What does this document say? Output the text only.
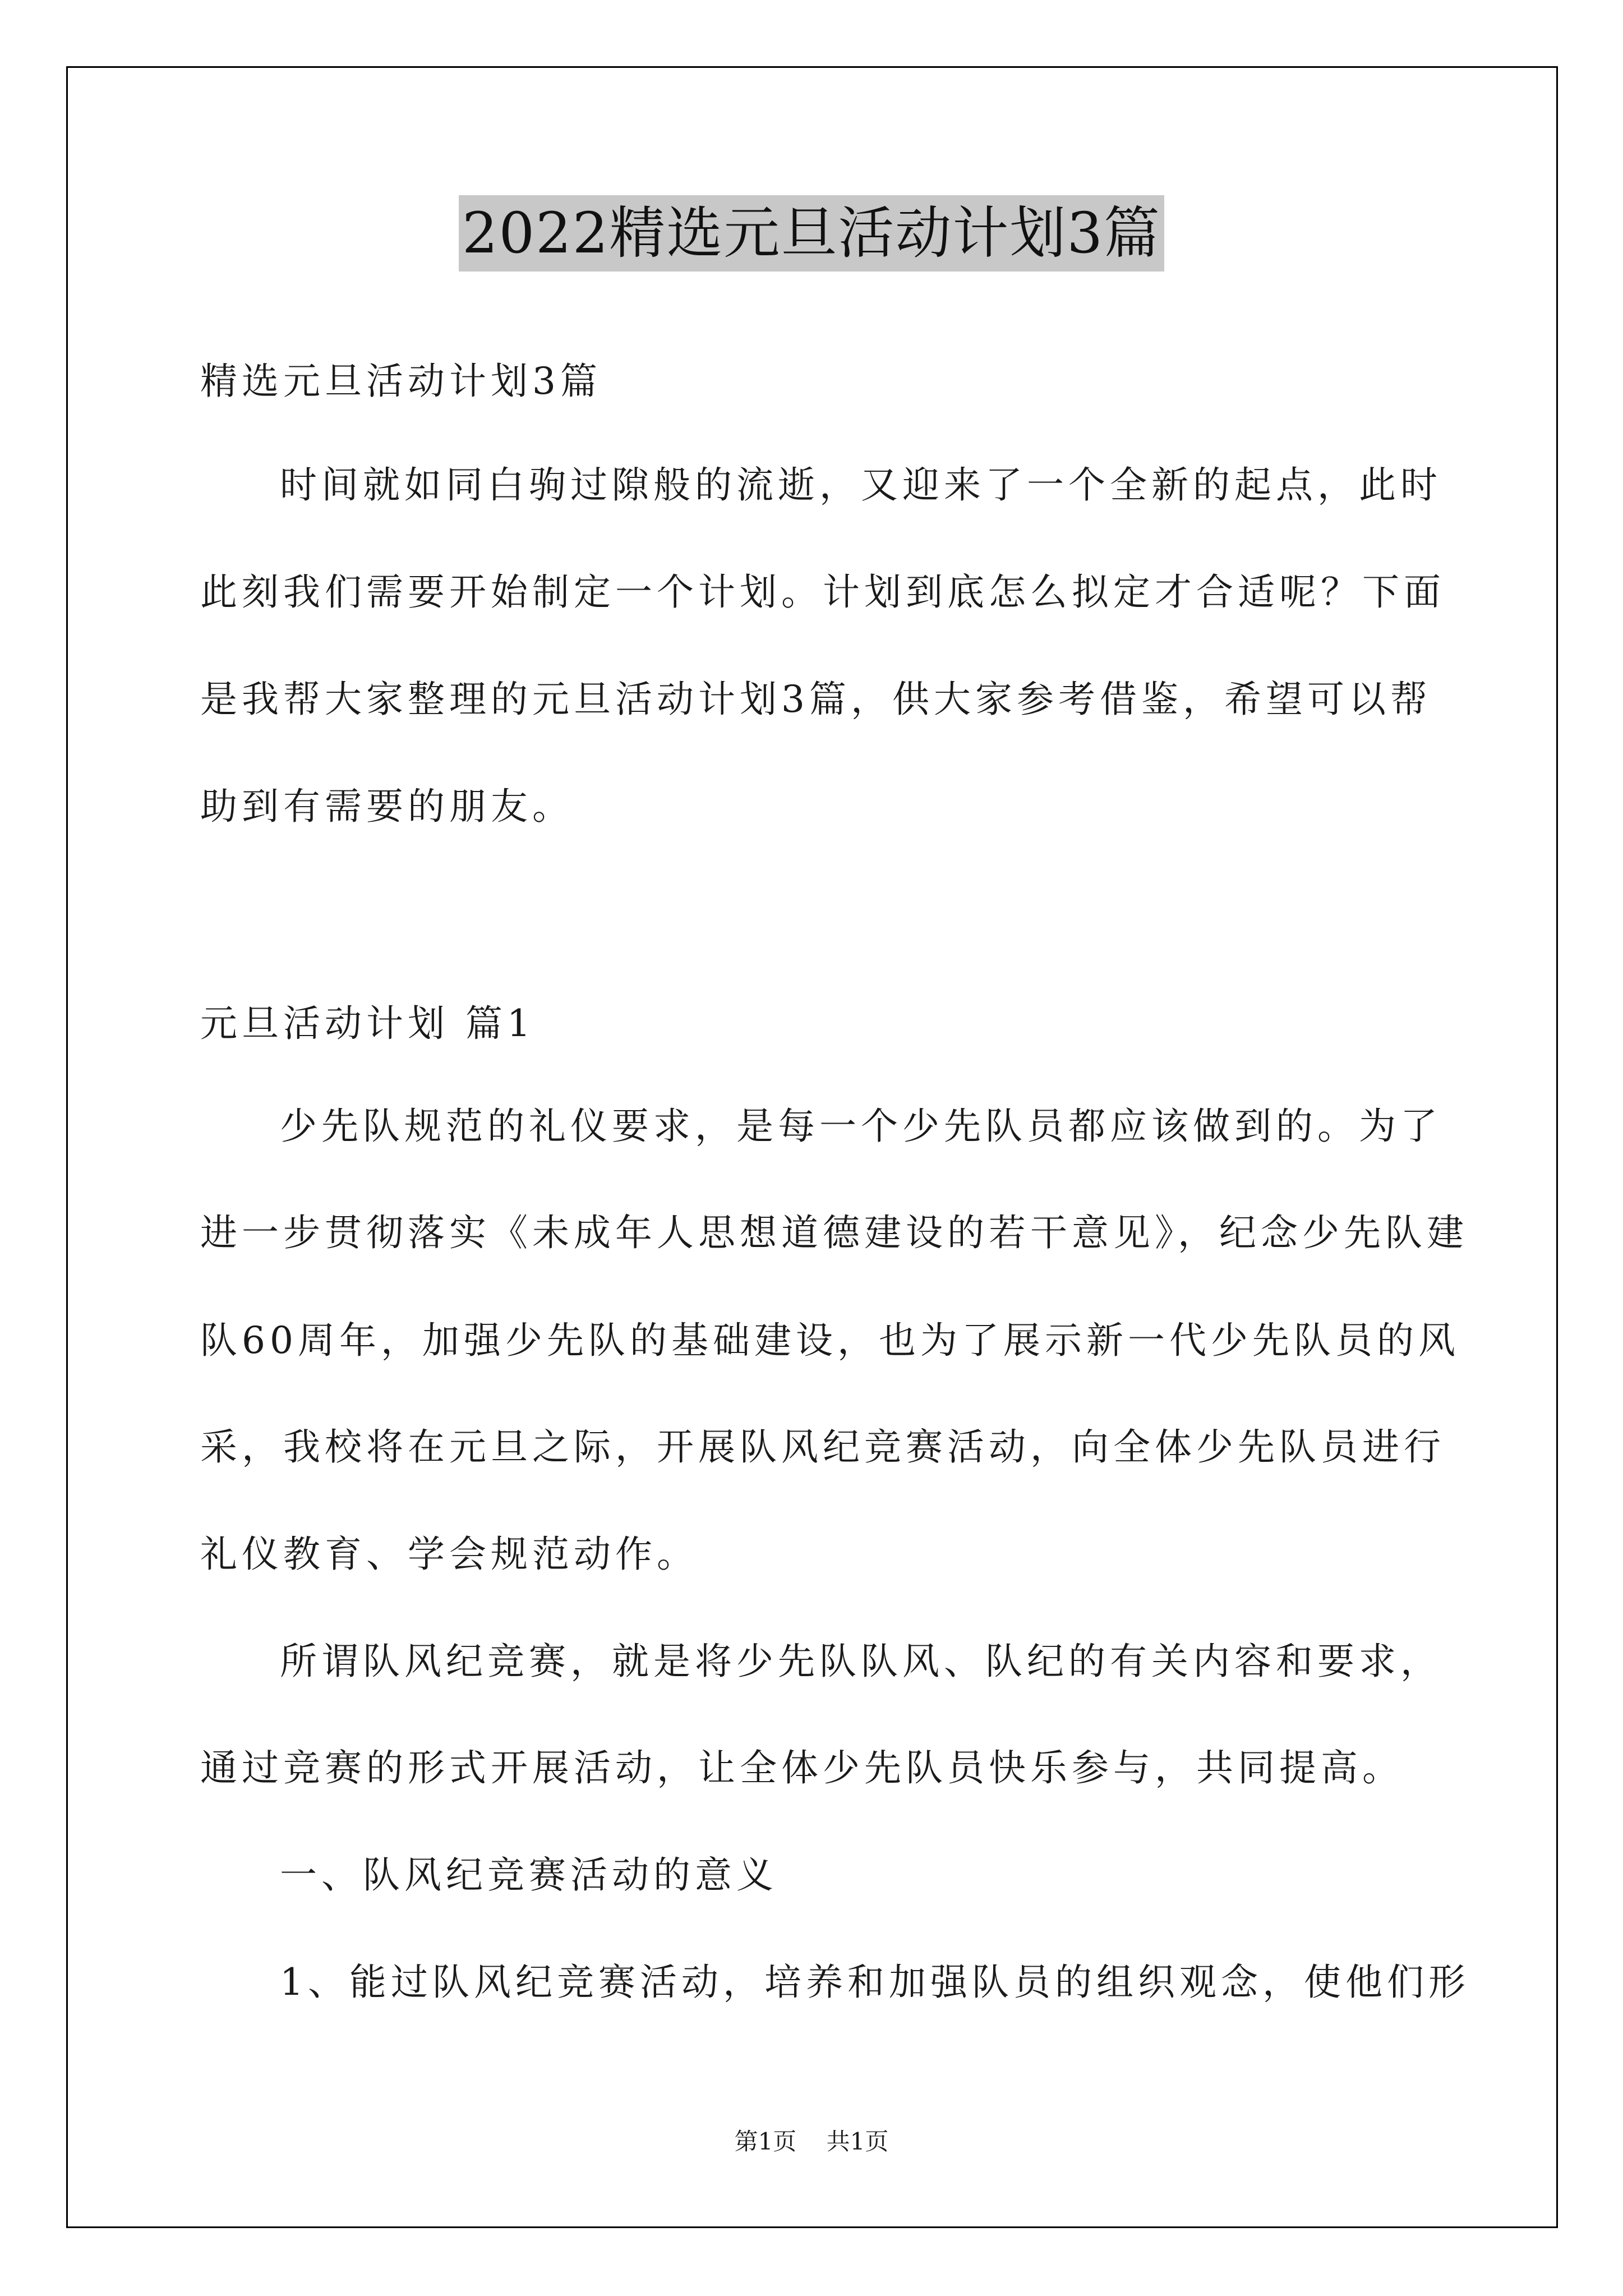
2022精选元旦活动计划3篇
精选元旦活动计划3篇
时间就如同白驹过隙般的流逝，又迎来了一个全新的起点，此时
此刻我们需要开始制定一个计划。计划到底怎么拟定才合适呢？下面
是我帮大家整理的元旦活动计划3篇，供大家参考借鉴，希望可以帮
助到有需要的朋友。
元旦活动计划 篇1
少先队规范的礼仪要求，是每一个少先队员都应该做到的。为了
进一步贯彻落实《未成年人思想道德建设的若干意见》，纪念少先队建
队60周年，加强少先队的基础建设，也为了展示新一代少先队员的风
采，我校将在元旦之际，开展队风纪竞赛活动，向全体少先队员进行
礼仪教育、学会规范动作。
所谓队风纪竞赛，就是将少先队队风、队纪的有关内容和要求，
通过竞赛的形式开展活动，让全体少先队员快乐参与，共同提高。
一、队风纪竞赛活动的意义
1、能过队风纪竞赛活动，培养和加强队员的组织观念，使他们形
第1页 共1页
